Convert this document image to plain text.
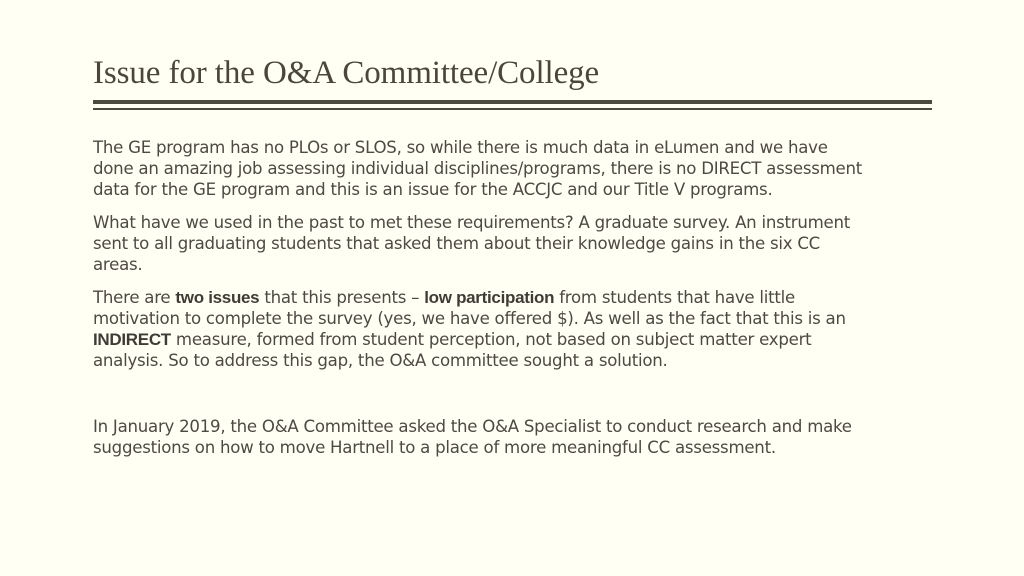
Issue for the O&A Committee/College

The GE program has no PLOs or SLOS, so while there is much data in eLumen and we have
done an amazing job assessing individual disciplines/programs, there is no DIRECT assessment
data for the GE program and this is an issue for the ACCJC and our Title V programs.

What have we used in the past to met these requirements? A graduate survey. An instrument
sent to all graduating students that asked them about their knowledge gains in the six CC
areas.

There are two issues that this presents – low participation from students that have little
motivation to complete the survey (yes, we have offered $). As well as the fact that this is an
INDIRECT measure, formed from student perception, not based on subject matter expert
analysis. So to address this gap, the O&A committee sought a solution.

In January 2019, the O&A Committee asked the O&A Specialist to conduct research and make
suggestions on how to move Hartnell to a place of more meaningful CC assessment.
